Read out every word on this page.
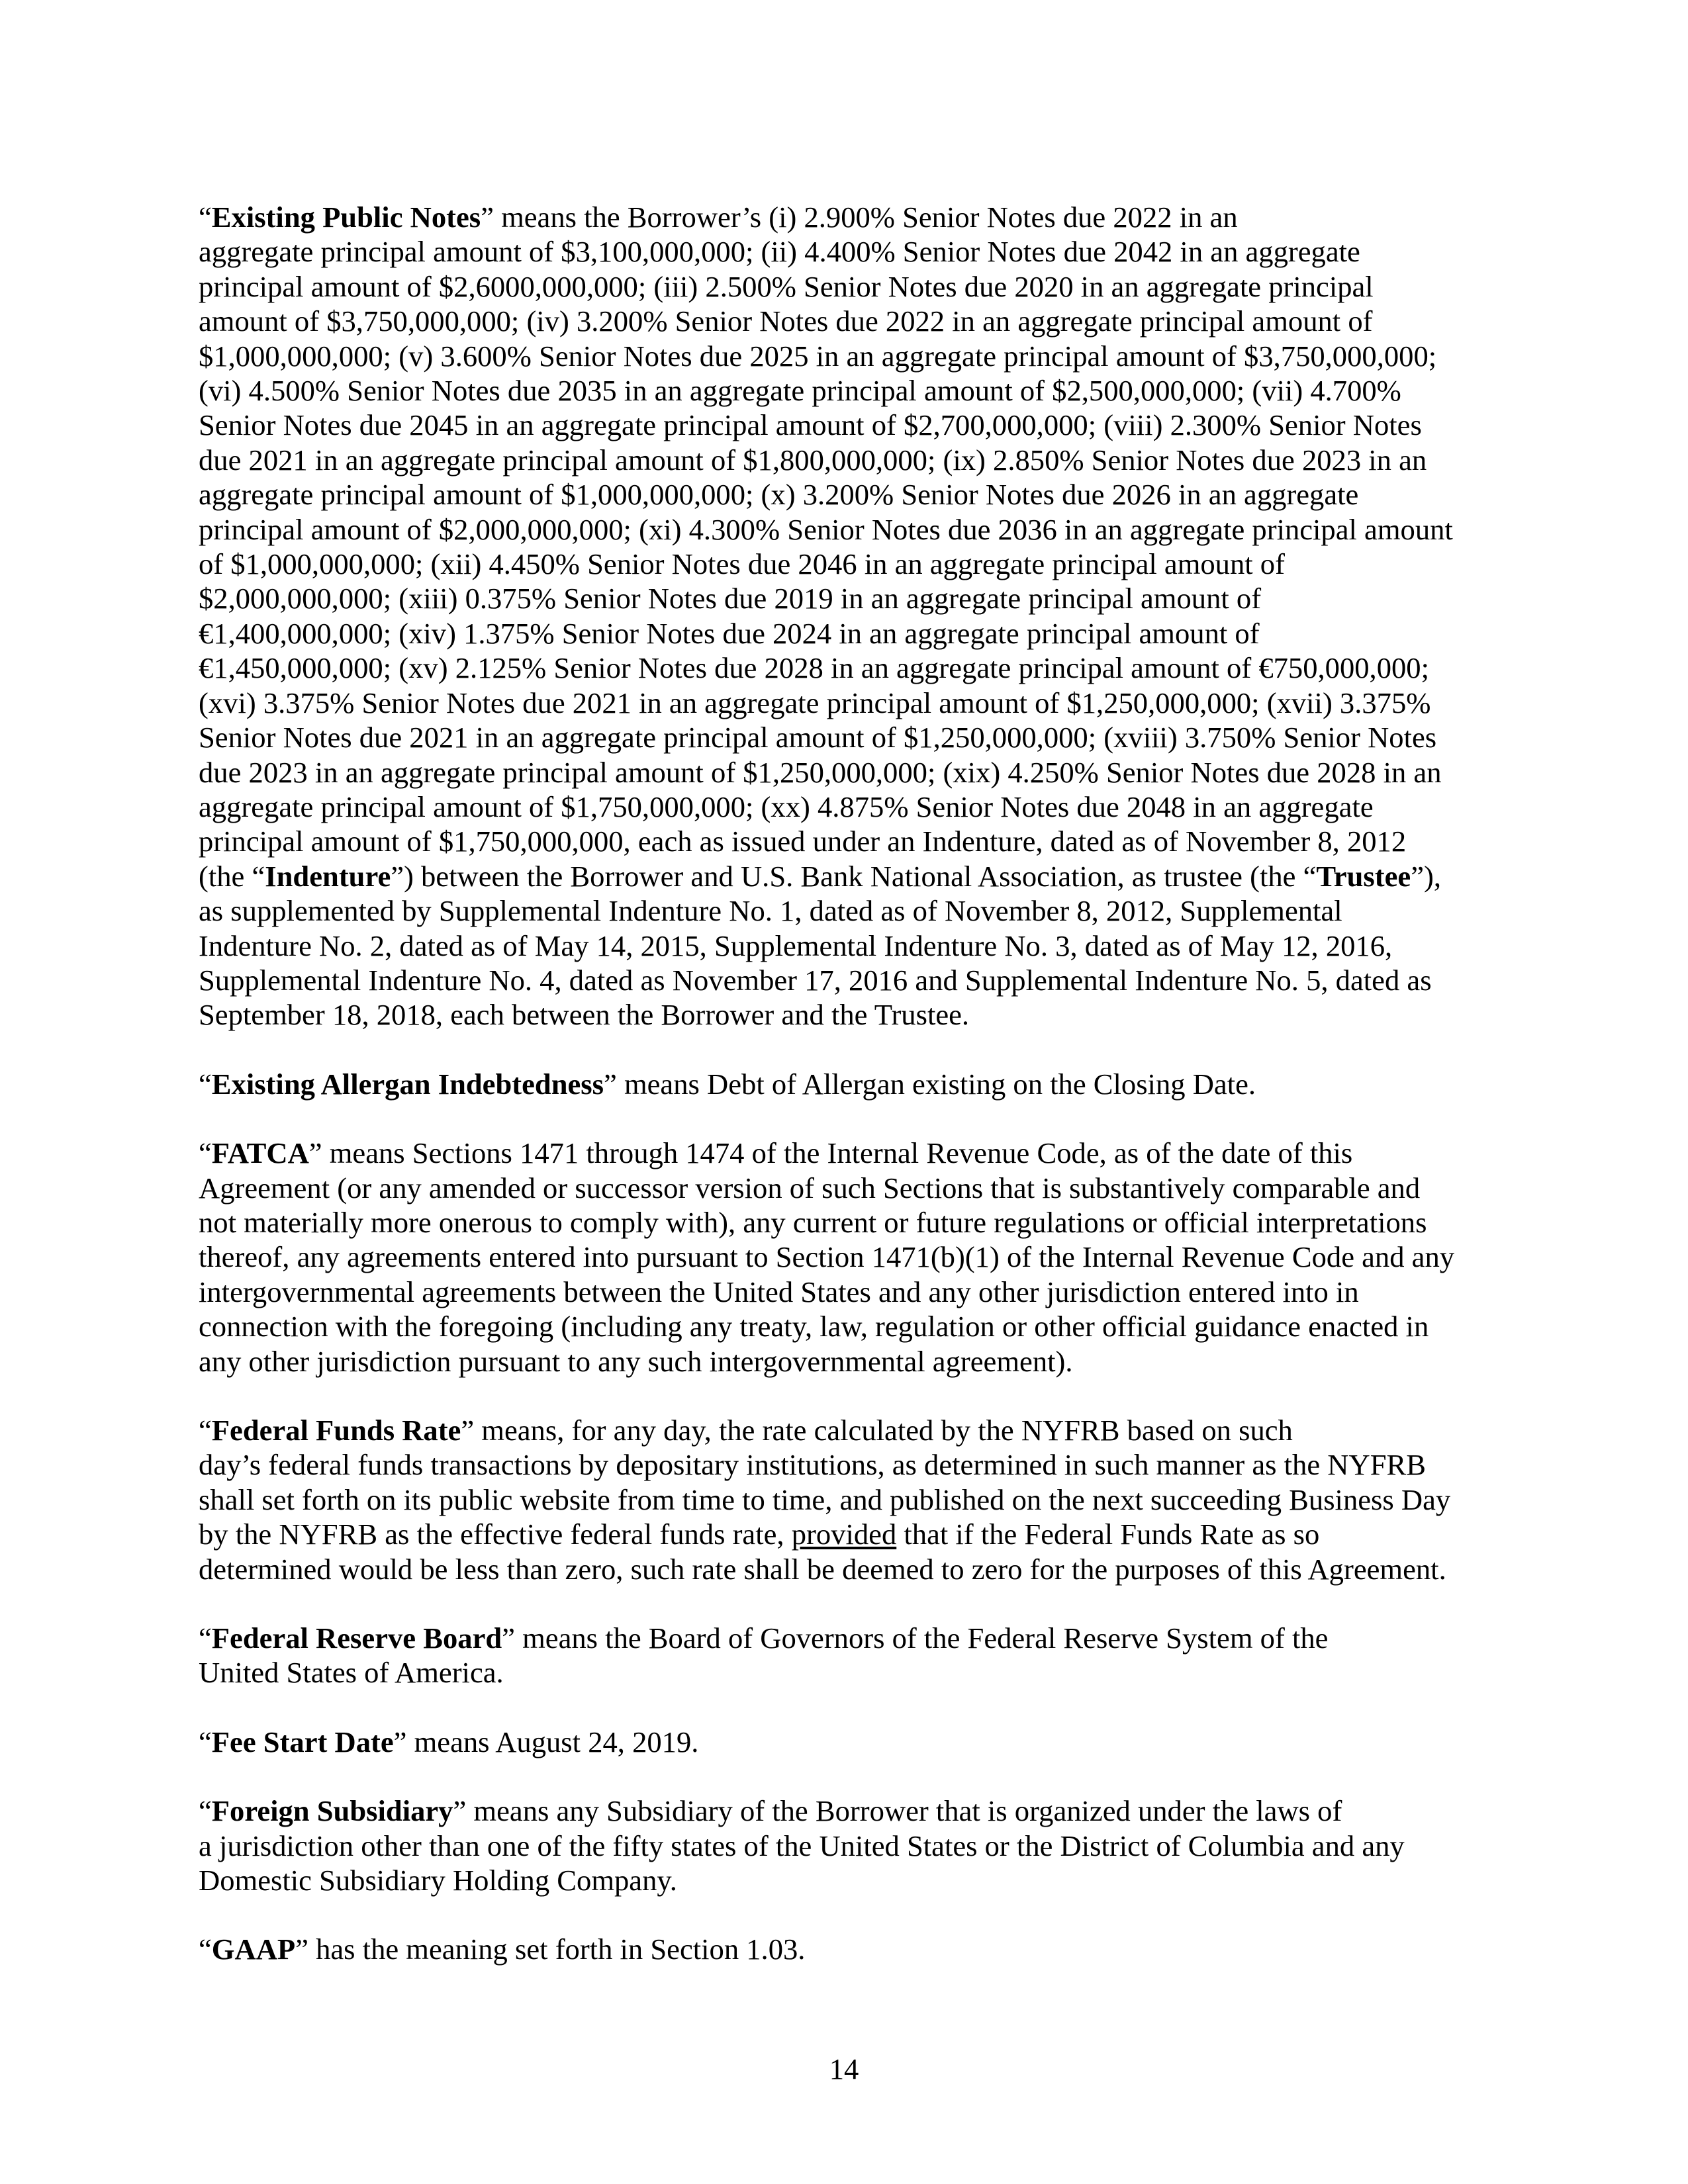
“Existing Public Notes” means the Borrower’s (i) 2.900% Senior Notes due 2022 in an
aggregate principal amount of $3,100,000,000; (ii) 4.400% Senior Notes due 2042 in an aggregate
principal amount of $2,6000,000,000; (iii) 2.500% Senior Notes due 2020 in an aggregate principal
amount of $3,750,000,000; (iv) 3.200% Senior Notes due 2022 in an aggregate principal amount of
$1,000,000,000; (v) 3.600% Senior Notes due 2025 in an aggregate principal amount of $3,750,000,000;
(vi) 4.500% Senior Notes due 2035 in an aggregate principal amount of $2,500,000,000; (vii) 4.700%
Senior Notes due 2045 in an aggregate principal amount of $2,700,000,000; (viii) 2.300% Senior Notes
due 2021 in an aggregate principal amount of $1,800,000,000; (ix) 2.850% Senior Notes due 2023 in an
aggregate principal amount of $1,000,000,000; (x) 3.200% Senior Notes due 2026 in an aggregate
principal amount of $2,000,000,000; (xi) 4.300% Senior Notes due 2036 in an aggregate principal amount
of $1,000,000,000; (xii) 4.450% Senior Notes due 2046 in an aggregate principal amount of
$2,000,000,000; (xiii) 0.375% Senior Notes due 2019 in an aggregate principal amount of
€1,400,000,000; (xiv) 1.375% Senior Notes due 2024 in an aggregate principal amount of
€1,450,000,000; (xv) 2.125% Senior Notes due 2028 in an aggregate principal amount of €750,000,000;
(xvi) 3.375% Senior Notes due 2021 in an aggregate principal amount of $1,250,000,000; (xvii) 3.375%
Senior Notes due 2021 in an aggregate principal amount of $1,250,000,000; (xviii) 3.750% Senior Notes
due 2023 in an aggregate principal amount of $1,250,000,000; (xix) 4.250% Senior Notes due 2028 in an
aggregate principal amount of $1,750,000,000; (xx) 4.875% Senior Notes due 2048 in an aggregate
principal amount of $1,750,000,000, each as issued under an Indenture, dated as of November 8, 2012
(the “Indenture”) between the Borrower and U.S. Bank National Association, as trustee (the “Trustee”),
as supplemented by Supplemental Indenture No. 1, dated as of November 8, 2012, Supplemental
Indenture No. 2, dated as of May 14, 2015, Supplemental Indenture No. 3, dated as of May 12, 2016,
Supplemental Indenture No. 4, dated as November 17, 2016 and Supplemental Indenture No. 5, dated as
September 18, 2018, each between the Borrower and the Trustee.

“Existing Allergan Indebtedness” means Debt of Allergan existing on the Closing Date.

“FATCA” means Sections 1471 through 1474 of the Internal Revenue Code, as of the date of this
Agreement (or any amended or successor version of such Sections that is substantively comparable and
not materially more onerous to comply with), any current or future regulations or official interpretations
thereof, any agreements entered into pursuant to Section 1471(b)(1) of the Internal Revenue Code and any
intergovernmental agreements between the United States and any other jurisdiction entered into in
connection with the foregoing (including any treaty, law, regulation or other official guidance enacted in
any other jurisdiction pursuant to any such intergovernmental agreement).

“Federal Funds Rate” means, for any day, the rate calculated by the NYFRB based on such
day’s federal funds transactions by depositary institutions, as determined in such manner as the NYFRB
shall set forth on its public website from time to time, and published on the next succeeding Business Day
by the NYFRB as the effective federal funds rate, provided that if the Federal Funds Rate as so
determined would be less than zero, such rate shall be deemed to zero for the purposes of this Agreement.

“Federal Reserve Board” means the Board of Governors of the Federal Reserve System of the
United States of America.

“Fee Start Date” means August 24, 2019.

“Foreign Subsidiary” means any Subsidiary of the Borrower that is organized under the laws of
a jurisdiction other than one of the fifty states of the United States or the District of Columbia and any
Domestic Subsidiary Holding Company.

“GAAP” has the meaning set forth in Section 1.03.

14
